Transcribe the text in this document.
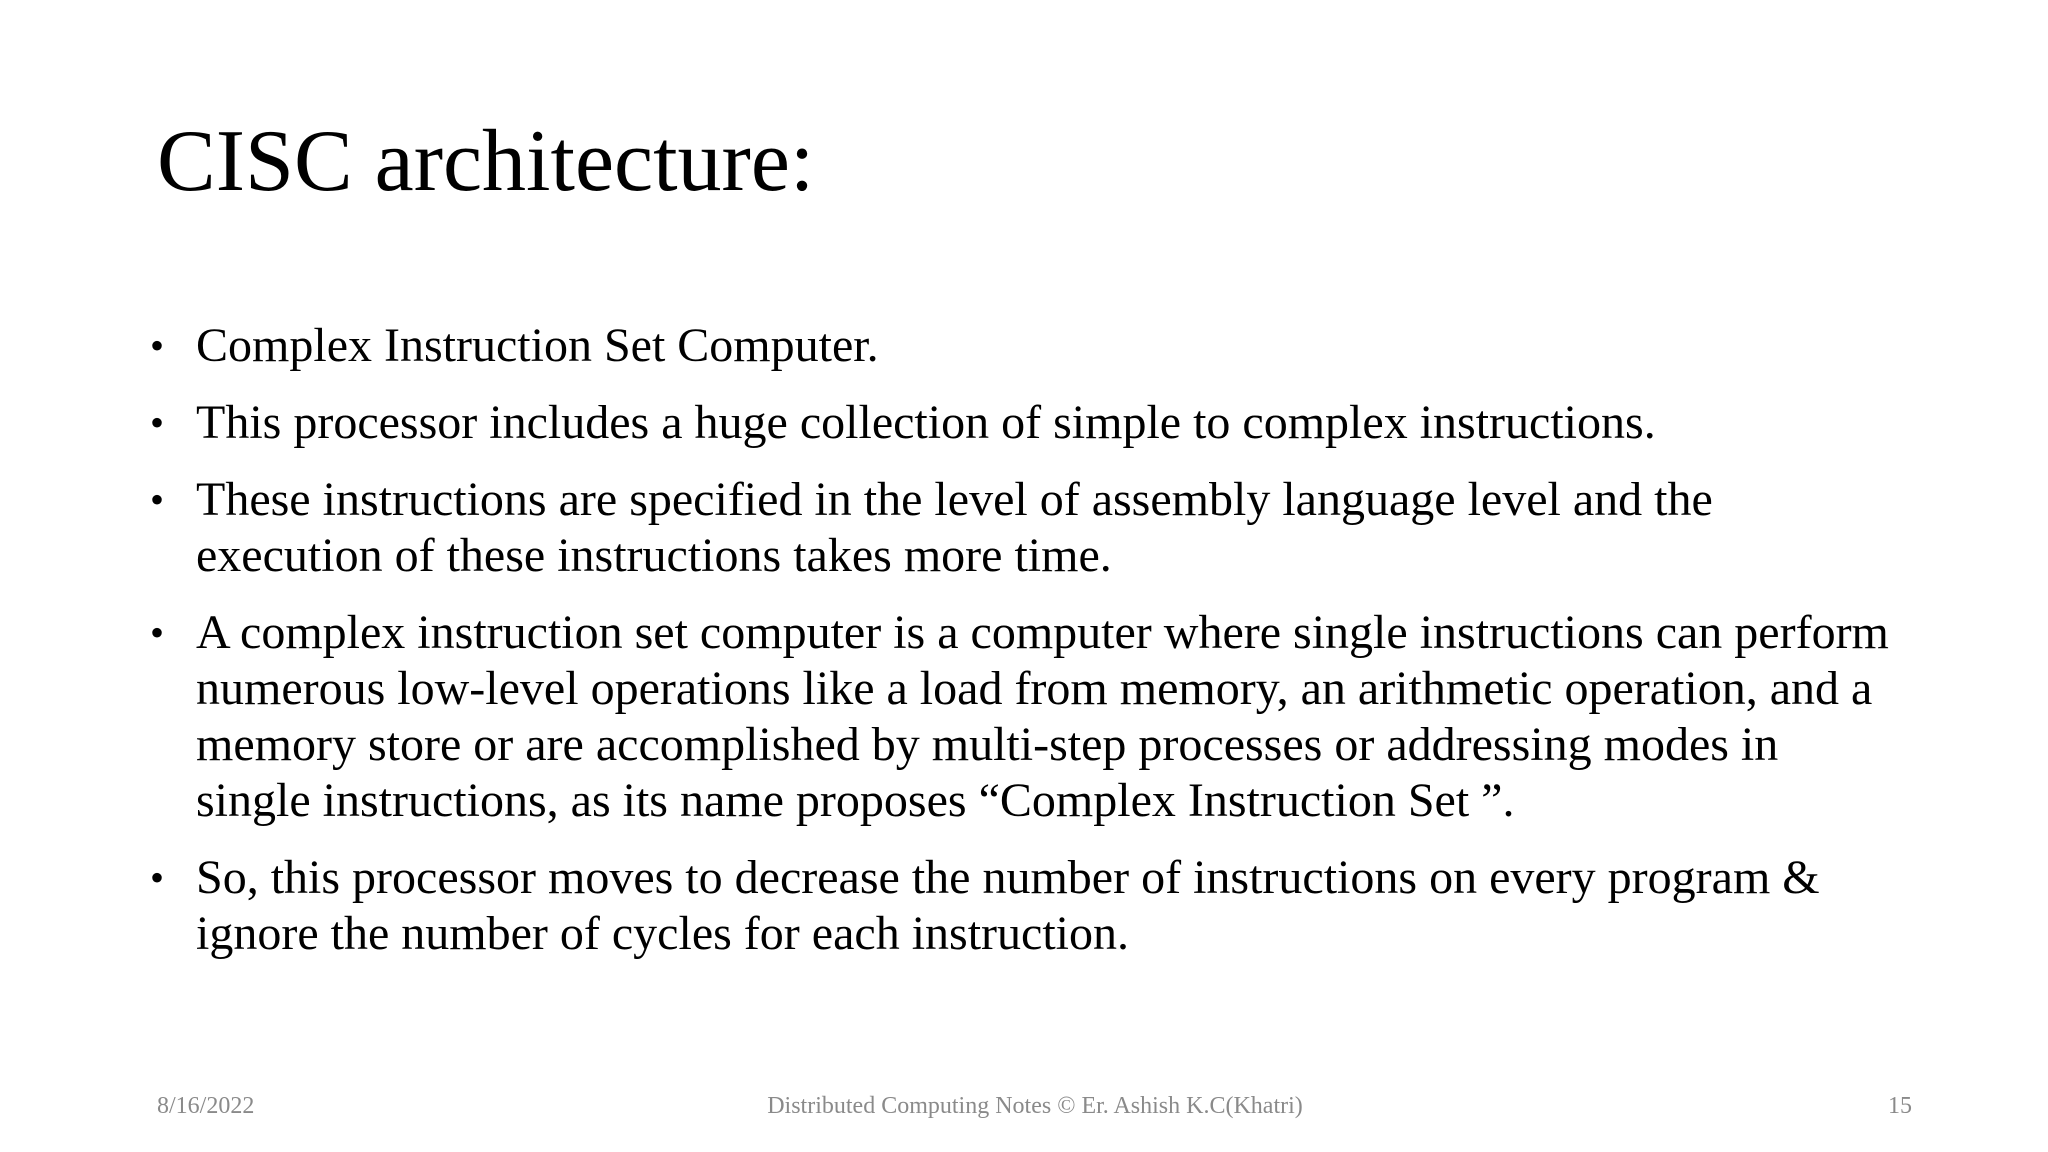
CISC architecture:
• Complex Instruction Set Computer.
• This processor includes a huge collection of simple to complex instructions.
• These instructions are specified in the level of assembly language level and the execution of these instructions takes more time.
• A complex instruction set computer is a computer where single instructions can perform numerous low-level operations like a load from memory, an arithmetic operation, and a memory store or are accomplished by multi-step processes or addressing modes in single instructions, as its name proposes “Complex Instruction Set ”.
• So, this processor moves to decrease the number of instructions on every program & ignore the number of cycles for each instruction.
8/16/2022	Distributed Computing Notes © Er. Ashish K.C(Khatri)	15
